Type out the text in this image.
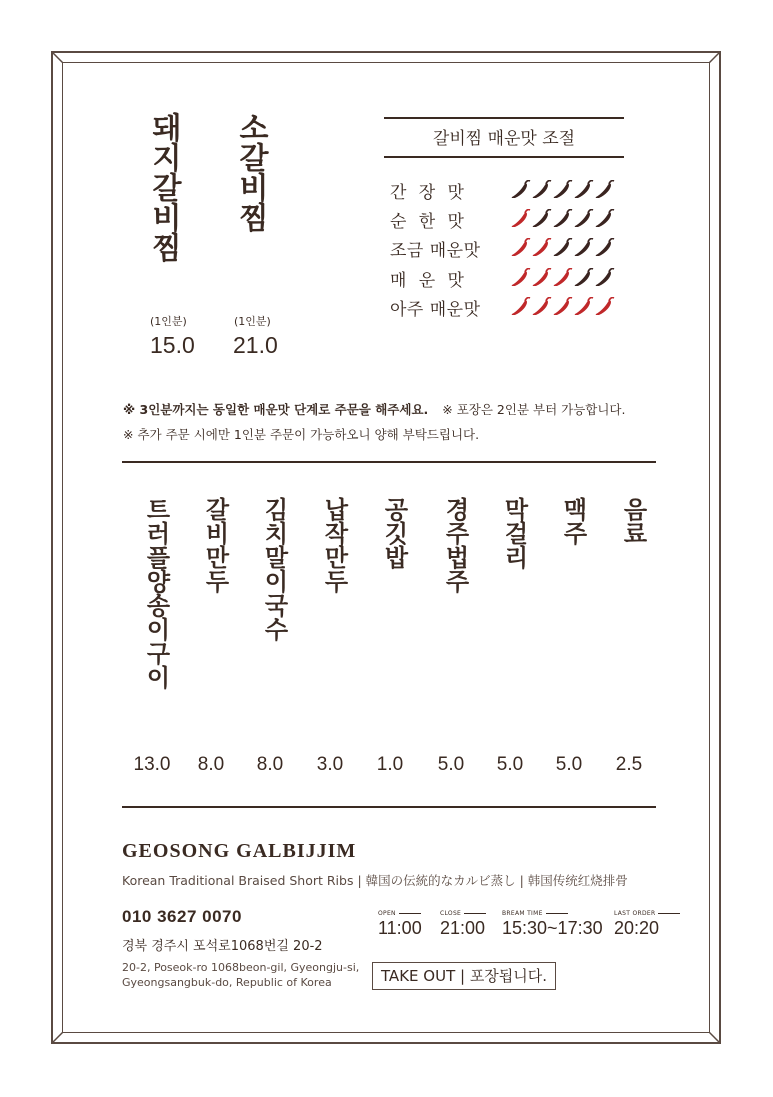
돼지갈비찜 소갈비찜
(1인분)	(1인분)
15.0 21.0
갈비찜 매운맛 조절
간  장  맛
순  한  맛
조금 매운맛
매  운  맛
아주 매운맛
※ 3인분까지는 동일한 매운맛 단계로 주문을 해주세요. ※ 포장은 2인분 부터 가능합니다.
※ 추가 주문 시에만 1인분 주문이 가능하오니 양해 부탁드립니다.
트러플양송이구이
13.0
갈비만두
8.0
김치말이국수
8.0
납작만두
3.0
공깃밥
1.0
경주법주
5.0
막걸리
5.0
맥주
5.0
음료
2.5
GEOSONG GALBIJJIM
Korean Traditional Braised Short Ribs | 韓国の伝統的なカルビ蒸し | 韩国传统红烧排骨
010 3627 0070
경북 경주시 포석로1068번길 20-2
20-2, Poseok-ro 1068beon-gil, Gyeongju-si,
Gyeongsangbuk-do, Republic of Korea
OPEN
11:00
CLOSE
21:00
BREAM TIME
15:30~17:30
LAST ORDER
20:20
TAKE OUT | 포장됩니다.
